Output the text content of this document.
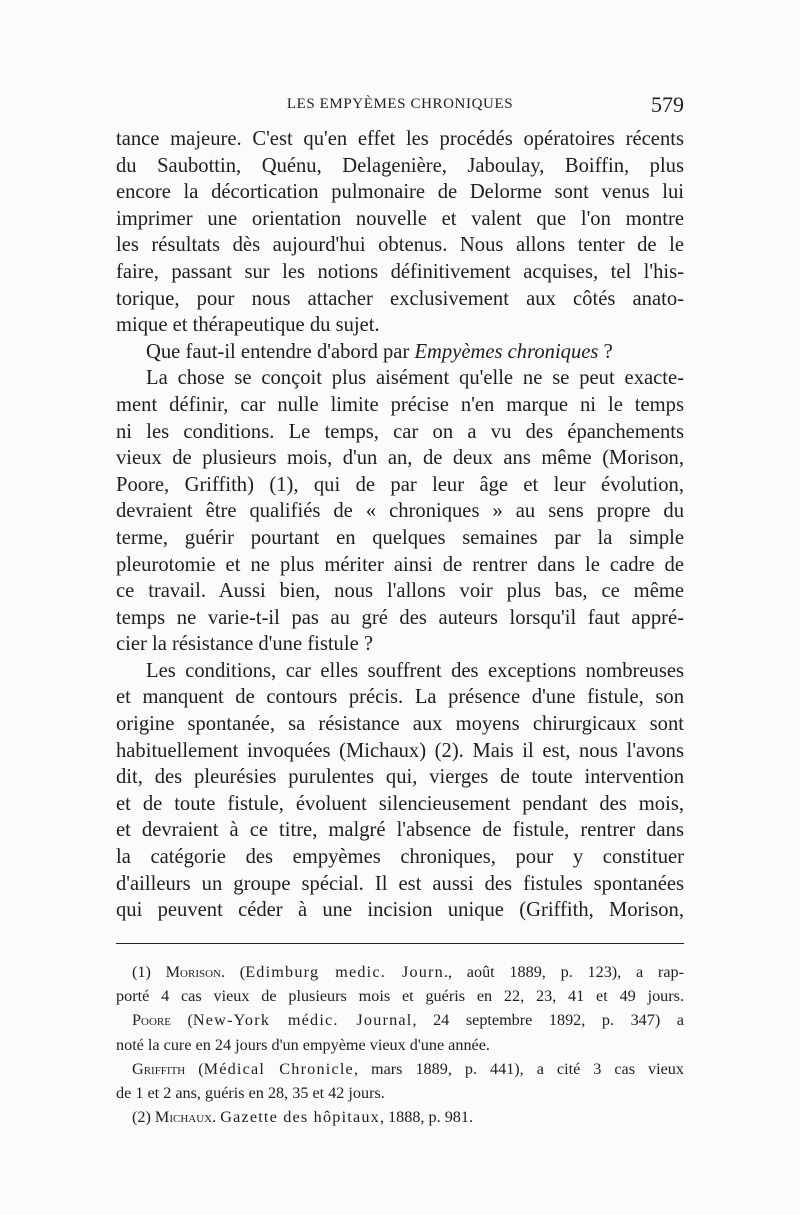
LES EMPYÈMES CHRONIQUES	579
tance majeure. C'est qu'en effet les procédés opératoires récents
du Saubottin, Quénu, Delagenière, Jaboulay, Boiffin, plus
encore la décortication pulmonaire de Delorme sont venus lui
imprimer une orientation nouvelle et valent que l'on montre
les résultats dès aujourd'hui obtenus. Nous allons tenter de le
faire, passant sur les notions définitivement acquises, tel l'his-
torique, pour nous attacher exclusivement aux côtés anato-
mique et thérapeutique du sujet.
Que faut-il entendre d'abord par Empyèmes chroniques ?
La chose se conçoit plus aisément qu'elle ne se peut exacte-
ment définir, car nulle limite précise n'en marque ni le temps
ni les conditions. Le temps, car on a vu des épanchements
vieux de plusieurs mois, d'un an, de deux ans même (Morison,
Poore, Griffith) (1), qui de par leur âge et leur évolution,
devraient être qualifiés de « chroniques » au sens propre du
terme, guérir pourtant en quelques semaines par la simple
pleurotomie et ne plus mériter ainsi de rentrer dans le cadre de
ce travail. Aussi bien, nous l'allons voir plus bas, ce même
temps ne varie-t-il pas au gré des auteurs lorsqu'il faut appré-
cier la résistance d'une fistule ?
Les conditions, car elles souffrent des exceptions nombreuses
et manquent de contours précis. La présence d'une fistule, son
origine spontanée, sa résistance aux moyens chirurgicaux sont
habituellement invoquées (Michaux) (2). Mais il est, nous l'avons
dit, des pleurésies purulentes qui, vierges de toute intervention
et de toute fistule, évoluent silencieusement pendant des mois,
et devraient à ce titre, malgré l'absence de fistule, rentrer dans
la catégorie des empyèmes chroniques, pour y constituer
d'ailleurs un groupe spécial. Il est aussi des fistules spontanées
qui peuvent céder à une incision unique (Griffith, Morison,
(1) Morison. (Edimburg medic. Journ., août 1889, p. 123), a rap-
porté 4 cas vieux de plusieurs mois et guéris en 22, 23, 41 et 49 jours.
Poore (New-York médic. Journal, 24 septembre 1892, p. 347) a
noté la cure en 24 jours d'un empyème vieux d'une année.
Griffith (Médical Chronicle, mars 1889, p. 441), a cité 3 cas vieux
de 1 et 2 ans, guéris en 28, 35 et 42 jours.
(2) Michaux. Gazette des hôpitaux, 1888, p. 981.
